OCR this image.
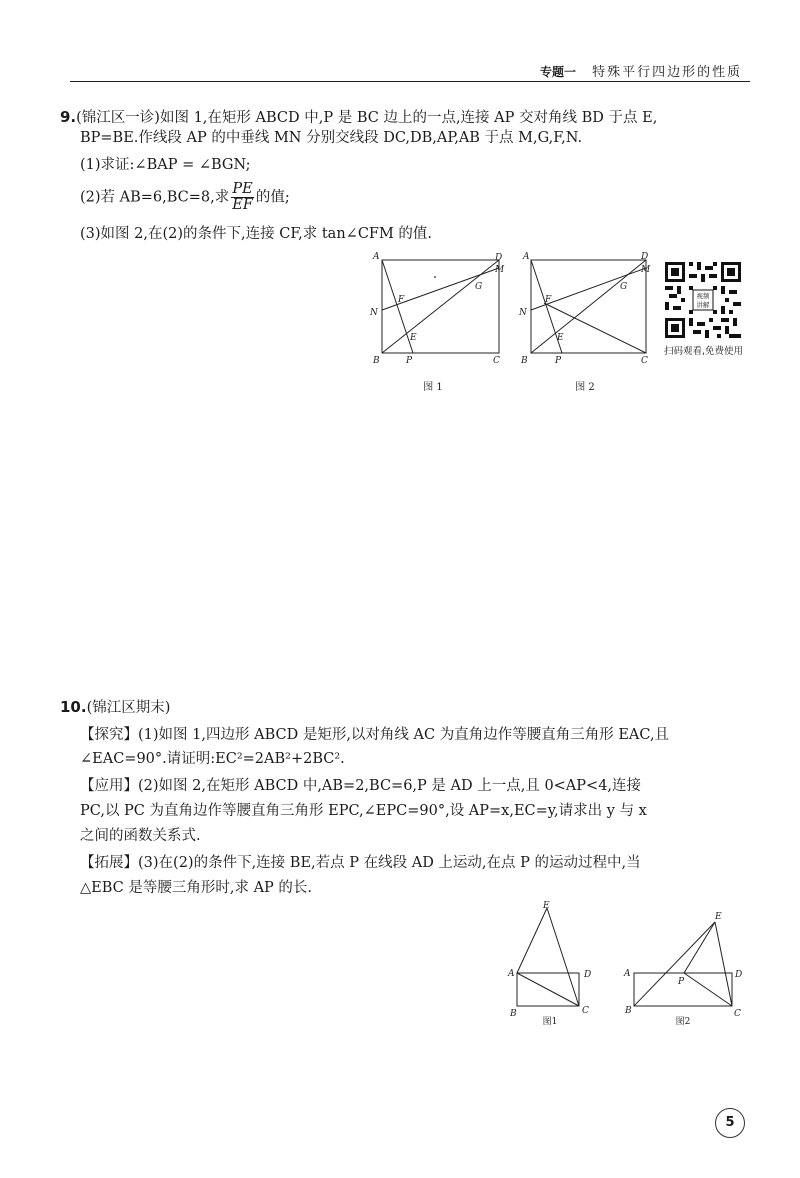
专题一 特殊平行四边形的性质
9.(锦江区一诊)如图 1,在矩形 ABCD 中,P 是 BC 边上的一点,连接 AP 交对角线 BD 于点 E,
BP=BE.作线段 AP 的中垂线 MN 分别交线段 DC,DB,AP,AB 于点 M,G,F,N.
(1)求证:∠BAP = ∠BGN;
(2)若 AB=6,BC=8,求 $\frac{PE}{EF}$ 的值;
(3)如图 2,在(2)的条件下,连接 CF,求 tan∠CFM 的值.
A
B	C
D
M
N
G
F
E
P
图 1
A
B	C
D
M
N
G
F
E
P
图 2
视频
讲解
扫码观看,免费使用
10.(锦江区期末)
【探究】(1)如图 1,四边形 ABCD 是矩形,以对角线 AC 为直角边作等腰直角三角形 EAC,且
∠EAC=90°.请证明:EC²=2AB²+2BC².
【应用】(2)如图 2,在矩形 ABCD 中,AB=2,BC=6,P 是 AD 上一点,且 0<AP<4,连接
PC,以 PC 为直角边作等腰直角三角形 EPC,∠EPC=90°,设 AP=x,EC=y,请求出 y 与 x
之间的函数关系式.
【拓展】(3)在(2)的条件下,连接 BE,若点 P 在线段 AD 上运动,在点 P 的运动过程中,当
△EBC 是等腰三角形时,求 AP 的长.
E
A	D
B	C
图1
E
A	D
P
B	C
图2
5
